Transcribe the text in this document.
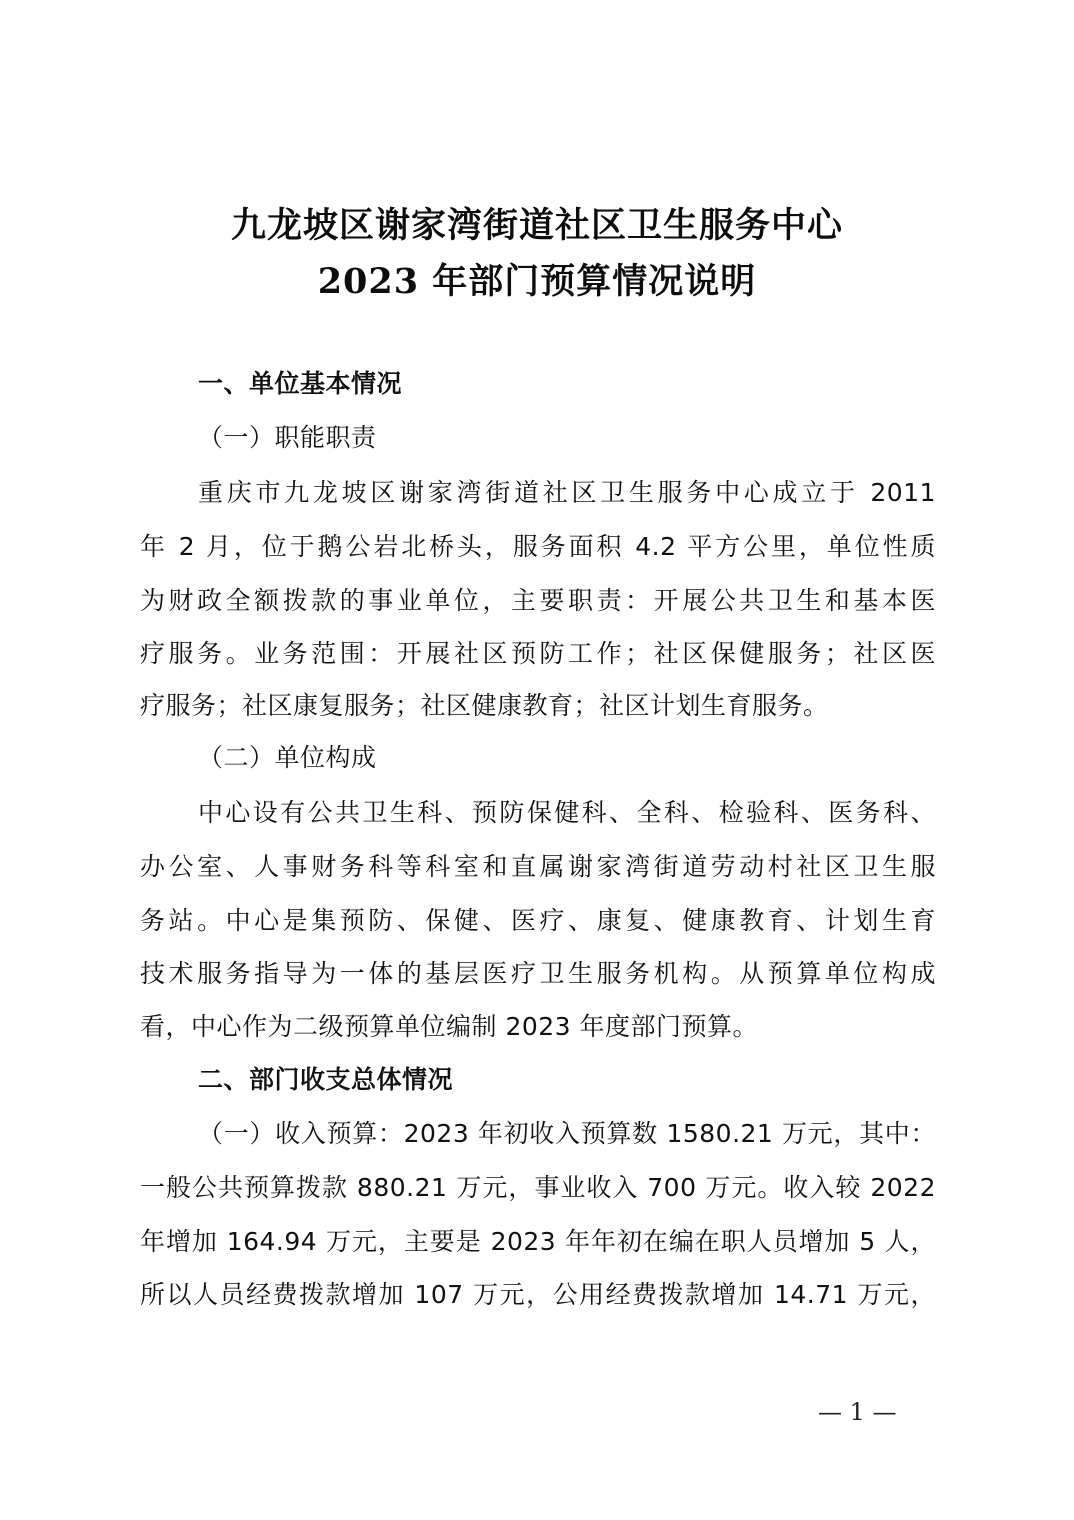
九龙坡区谢家湾街道社区卫生服务中心
2023 年部门预算情况说明
一、单位基本情况
（一）职能职责
重庆市九龙坡区谢家湾街道社区卫生服务中心成立于 2011
年 2 月，位于鹅公岩北桥头，服务面积 4.2 平方公里，单位性质
为财政全额拨款的事业单位，主要职责：开展公共卫生和基本医
疗服务。业务范围：开展社区预防工作；社区保健服务；社区医
疗服务；社区康复服务；社区健康教育；社区计划生育服务。
（二）单位构成
中心设有公共卫生科、预防保健科、全科、检验科、医务科、
办公室、人事财务科等科室和直属谢家湾街道劳动村社区卫生服
务站。中心是集预防、保健、医疗、康复、健康教育、计划生育
技术服务指导为一体的基层医疗卫生服务机构。从预算单位构成
看，中心作为二级预算单位编制 2023 年度部门预算。
二、部门收支总体情况
（一）收入预算：2023 年初收入预算数 1580.21 万元，其中：
一般公共预算拨款 880.21 万元，事业收入 700 万元。收入较 2022
年增加 164.94 万元，主要是 2023 年年初在编在职人员增加 5 人，
所以人员经费拨款增加 107 万元，公用经费拨款增加 14.71 万元，
— 1 —
